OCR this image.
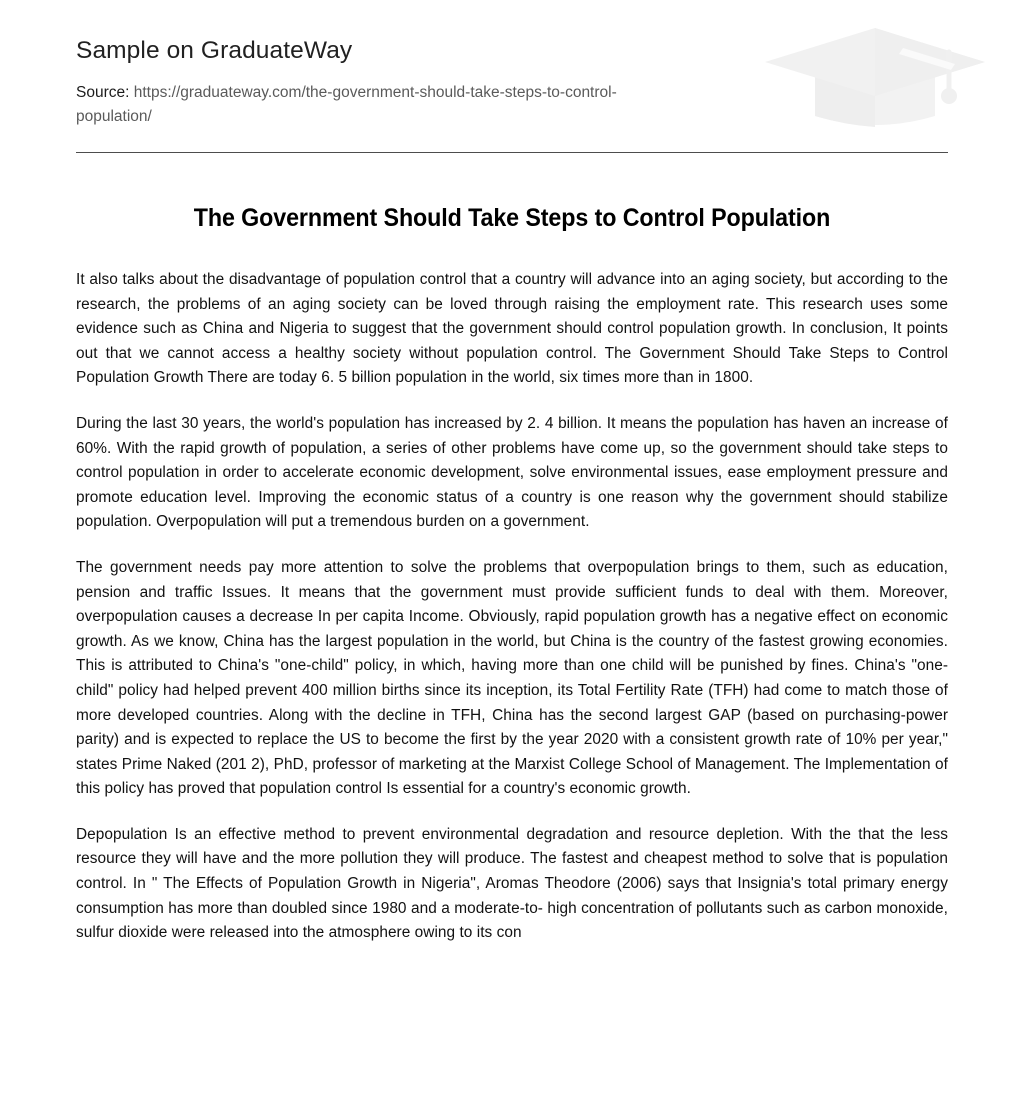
Sample on GraduateWay
Source: https://graduateway.com/the-government-should-take-steps-to-control-population/
The Government Should Take Steps to Control Population

It also talks about the disadvantage of population control that a country will advance into an aging society, but according to the research, the problems of an aging society can be loved through raising the employment rate. This research uses some evidence such as China and Nigeria to suggest that the government should control population growth. In conclusion, It points out that we cannot access a healthy society without population control. The Government Should Take Steps to Control Population Growth There are today 6. 5 billion population in the world, six times more than in 1800.

During the last 30 years, the world's population has increased by 2. 4 billion. It means the population has haven an increase of 60%. With the rapid growth of population, a series of other problems have come up, so the government should take steps to control population in order to accelerate economic development, solve environmental issues, ease employment pressure and promote education level. Improving the economic status of a country is one reason why the government should stabilize population. Overpopulation will put a tremendous burden on a government.

The government needs pay more attention to solve the problems that overpopulation brings to them, such as education, pension and traffic Issues. It means that the government must provide sufficient funds to deal with them. Moreover, overpopulation causes a decrease In per capita Income. Obviously, rapid population growth has a negative effect on economic growth. As we know, China has the largest population in the world, but China is the country of the fastest growing economies. This is attributed to China's "one-child" policy, in which, having more than one child will be punished by fines. China's "one-child" policy had helped prevent 400 million births since its inception, its Total Fertility Rate (TFH) had come to match those of more developed countries. Along with the decline in TFH, China has the second largest GAP (based on purchasing-power parity) and is expected to replace the US to become the first by the year 2020 with a consistent growth rate of 10% per year," states Prime Naked (201 2), PhD, professor of marketing at the Marxist College School of Management. The Implementation of this policy has proved that population control Is essential for a country's economic growth.

Depopulation Is an effective method to prevent environmental degradation and resource depletion. With the that the less resource they will have and the more pollution they will produce. The fastest and cheapest method to solve that is population control. In " The Effects of Population Growth in Nigeria", Aromas Theodore (2006) says that Insignia's total primary energy consumption has more than doubled since 1980 and a moderate-to- high concentration of pollutants such as carbon monoxide, sulfur dioxide were released into the atmosphere owing to its con
